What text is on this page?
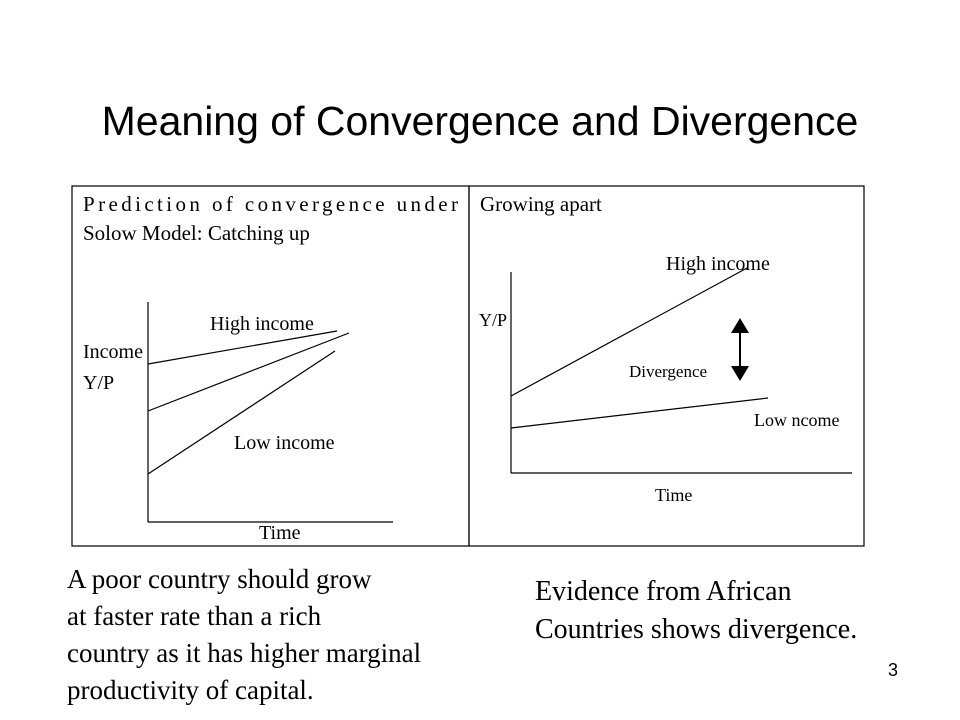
Meaning of Convergence and Divergence
Prediction of convergence under
Solow Model: Catching up
Income
Y/P
Time
High income
Low income
Growing apart
Y/P
Time
High income
Low ncome
Divergence
A poor country should grow
at faster rate than a rich
country as it has higher marginal
productivity of capital.
Evidence from African
Countries shows divergence.
3
